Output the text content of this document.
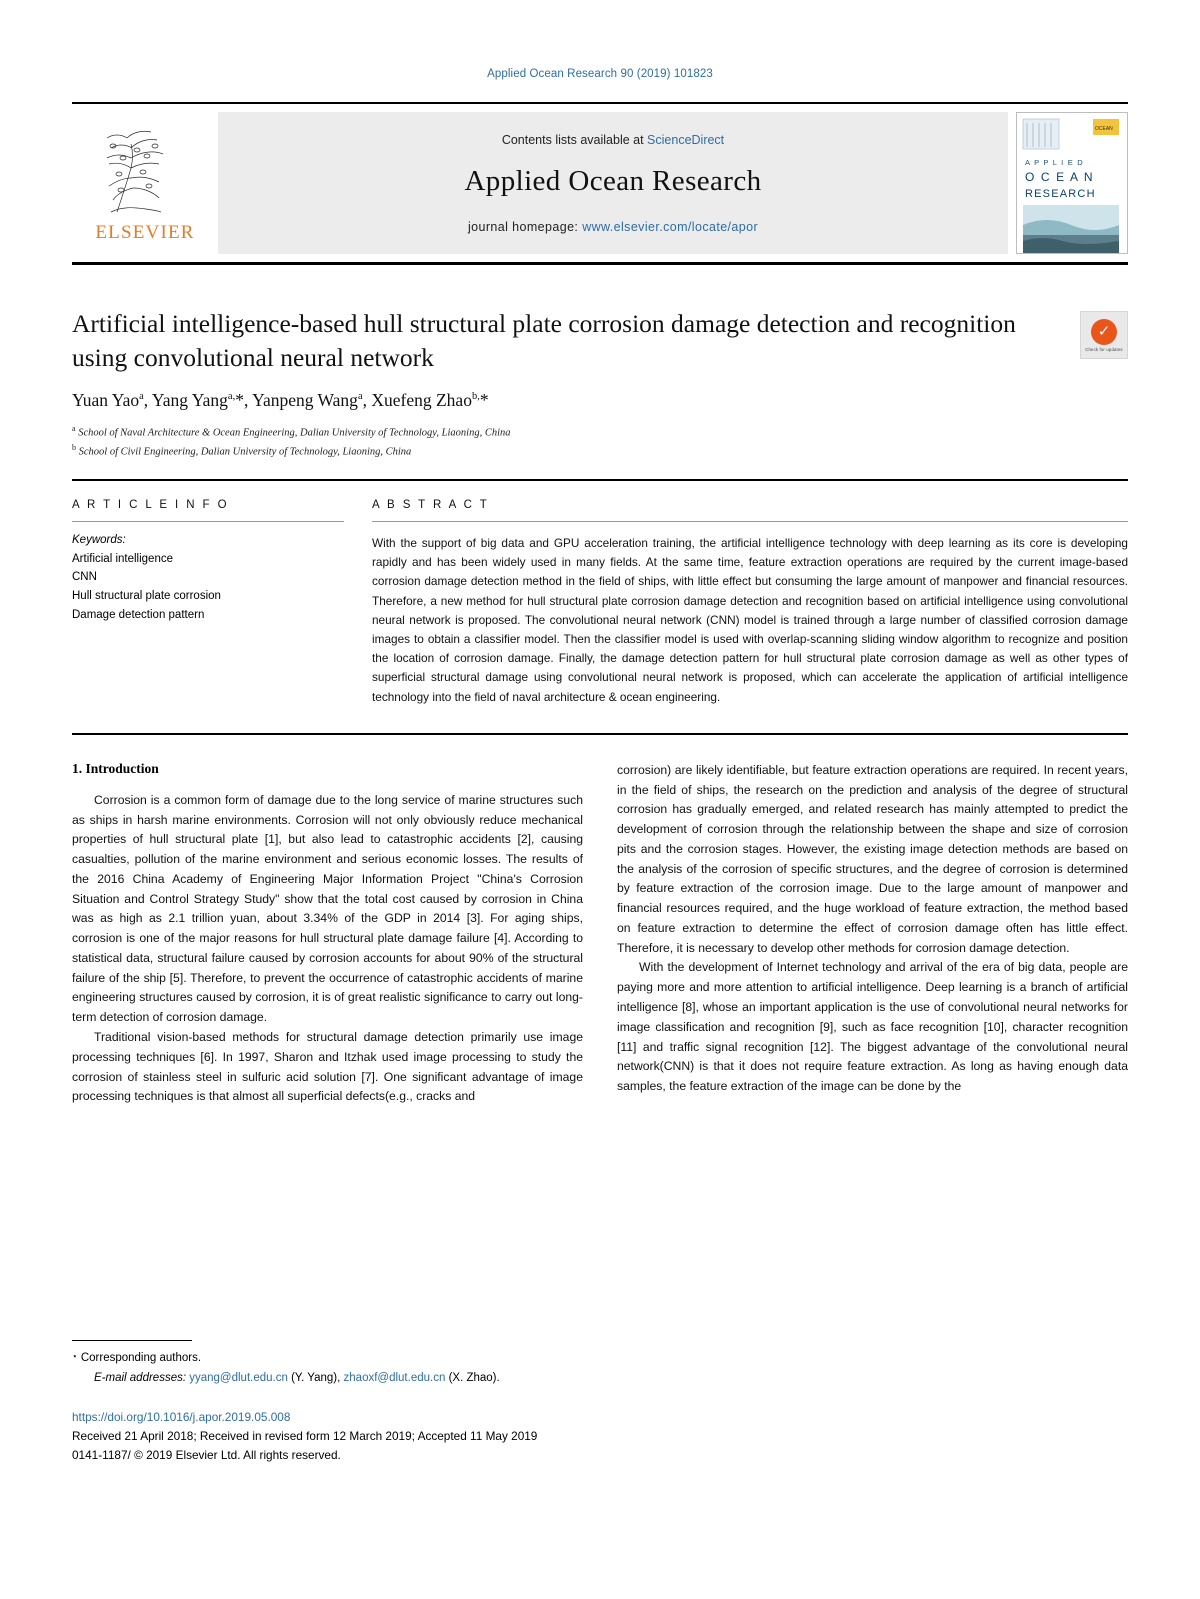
Applied Ocean Research 90 (2019) 101823
ELSEVIER
Contents lists available at ScienceDirect
Applied Ocean Research
journal homepage: www.elsevier.com/locate/apor
OCEAN
A P P L I E D
O C E A N
RESEARCH
Artificial intelligence-based hull structural plate corrosion damage detection and recognition using convolutional neural network
✓
Check for updates
Yuan Yao$^a$, Yang Yang$^{a,}$*, Yanpeng Wang$^a$, Xuefeng Zhao$^{b,}$*
$^a$ School of Naval Architecture & Ocean Engineering, Dalian University of Technology, Liaoning, China
$^b$ School of Civil Engineering, Dalian University of Technology, Liaoning, China
A R T I C L E I N F O
Keywords:
Artificial intelligence
CNN
Hull structural plate corrosion
Damage detection pattern
A B S T R A C T
With the support of big data and GPU acceleration training, the artificial intelligence technology with deep learning as its core is developing rapidly and has been widely used in many fields. At the same time, feature extraction operations are required by the current image-based corrosion damage detection method in the field of ships, with little effect but consuming the large amount of manpower and financial resources. Therefore, a new method for hull structural plate corrosion damage detection and recognition based on artificial intelligence using convolutional neural network is proposed. The convolutional neural network (CNN) model is trained through a large number of classified corrosion damage images to obtain a classifier model. Then the classifier model is used with overlap-scanning sliding window algorithm to recognize and position the location of corrosion damage. Finally, the damage detection pattern for hull structural plate corrosion damage as well as other types of superficial structural damage using convolutional neural network is proposed, which can accelerate the application of artificial intelligence technology into the field of naval architecture & ocean engineering.
1. Introduction

Corrosion is a common form of damage due to the long service of marine structures such as ships in harsh marine environments. Corrosion will not only obviously reduce mechanical properties of hull structural plate [1], but also lead to catastrophic accidents [2], causing casualties, pollution of the marine environment and serious economic losses. The results of the 2016 China Academy of Engineering Major Information Project "China's Corrosion Situation and Control Strategy Study" show that the total cost caused by corrosion in China was as high as 2.1 trillion yuan, about 3.34% of the GDP in 2014 [3]. For aging ships, corrosion is one of the major reasons for hull structural plate damage failure [4]. According to statistical data, structural failure caused by corrosion accounts for about 90% of the structural failure of the ship [5]. Therefore, to prevent the occurrence of catastrophic accidents of marine engineering structures caused by corrosion, it is of great realistic significance to carry out long-term detection of corrosion damage.

Traditional vision-based methods for structural damage detection primarily use image processing techniques [6]. In 1997, Sharon and Itzhak used image processing to study the corrosion of stainless steel in sulfuric acid solution [7]. One significant advantage of image processing techniques is that almost all superficial defects(e.g., cracks and

corrosion) are likely identifiable, but feature extraction operations are required. In recent years, in the field of ships, the research on the prediction and analysis of the degree of structural corrosion has gradually emerged, and related research has mainly attempted to predict the development of corrosion through the relationship between the shape and size of corrosion pits and the corrosion stages. However, the existing image detection methods are based on the analysis of the corrosion of specific structures, and the degree of corrosion is determined by feature extraction of the corrosion image. Due to the large amount of manpower and financial resources required, and the huge workload of feature extraction, the method based on feature extraction to determine the effect of corrosion damage often has little effect. Therefore, it is necessary to develop other methods for corrosion damage detection.

With the development of Internet technology and arrival of the era of big data, people are paying more and more attention to artificial intelligence. Deep learning is a branch of artificial intelligence [8], whose an important application is the use of convolutional neural networks for image classification and recognition [9], such as face recognition [10], character recognition [11] and traffic signal recognition [12]. The biggest advantage of the convolutional neural network(CNN) is that it does not require feature extraction. As long as having enough data samples, the feature extraction of the image can be done by the

⋆ Corresponding authors.
E-mail addresses: yyang@dlut.edu.cn (Y. Yang), zhaoxf@dlut.edu.cn (X. Zhao).
https://doi.org/10.1016/j.apor.2019.05.008
Received 21 April 2018; Received in revised form 12 March 2019; Accepted 11 May 2019
0141-1187/ © 2019 Elsevier Ltd. All rights reserved.
